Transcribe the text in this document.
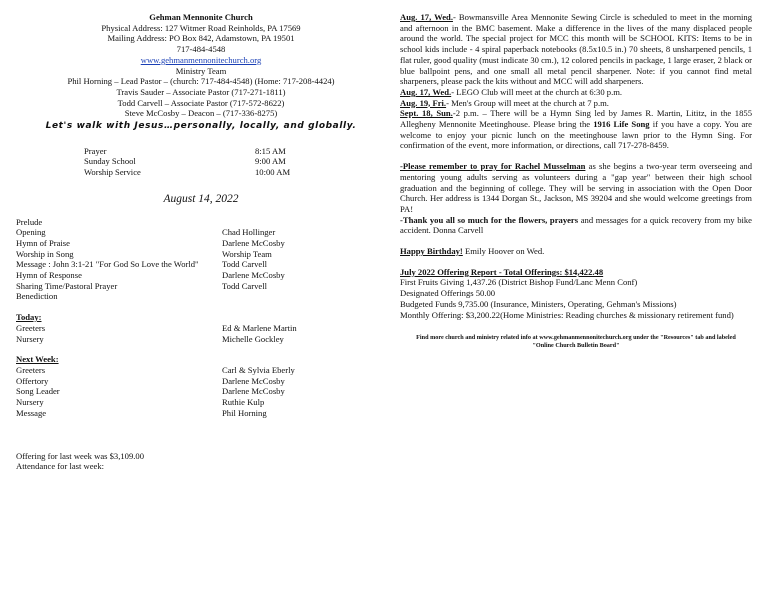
Gehman Mennonite Church
Physical Address: 127 Witmer Road Reinholds, PA 17569
Mailing Address: PO Box 842, Adamstown, PA 19501
717-484-4548
www.gehmanmennonitechurch.org
Ministry Team
Phil Horning – Lead Pastor – (church: 717-484-4548) (Home: 717-208-4424)
Travis Sauder – Associate Pastor (717-271-1811)
Todd Carvell – Associate Pastor (717-572-8622)
Steve McCosby – Deacon – (717-336-8275)
Let's walk with Jesus…personally, locally, and globally.
Prayer	8:15 AM
Sunday School	9:00 AM
Worship Service	10:00 AM
August 14, 2022
Prelude
Opening	Chad Hollinger
Hymn of Praise	Darlene McCosby
Worship in Song	Worship Team
Message : John 3:1-21 "For God So Love the World"	Todd Carvell
Hymn of Response	Darlene McCosby
Sharing Time/Pastoral Prayer	Todd Carvell
Benediction
Today:
Greeters	Ed & Marlene Martin
Nursery	Michelle Gockley
Next Week:
Greeters	Carl & Sylvia Eberly
Offertory	Darlene McCosby
Song Leader	Darlene McCosby
Nursery	Ruthie Kulp
Message	Phil Horning
Offering for last week was $3,109.00
Attendance for last week:
Aug. 17, Wed.- Bowmansville Area Mennonite Sewing Circle is scheduled to meet in the morning and afternoon in the BMC basement. Make a difference in the lives of the many displaced people around the world. The special project for MCC this month will be SCHOOL KITS: Items to be in school kids include - 4 spiral paperback notebooks (8.5x10.5 in.) 70 sheets, 8 unsharpened pencils, 1 flat ruler, good quality (must indicate 30 cm.), 12 colored pencils in package, 1 large eraser, 2 black or blue ballpoint pens, and one small all metal pencil sharpener. Note: if you cannot find metal sharpeners, please pack the kits without and MCC will add sharpeners.
Aug. 17, Wed.- LEGO Club will meet at the church at 6:30 p.m.
Aug. 19, Fri.- Men's Group will meet at the church at 7 p.m.
Sept. 18, Sun.-2 p.m. – There will be a Hymn Sing led by James R. Martin, Lititz, in the 1855 Allegheny Mennonite Meetinghouse. Please bring the 1916 Life Song if you have a copy. You are welcome to enjoy your picnic lunch on the meetinghouse lawn prior to the Hymn Sing. For confirmation of the event, more information, or directions, call 717-278-8459.
-Please remember to pray for Rachel Musselman as she begins a two-year term overseeing and mentoring young adults serving as volunteers during a "gap year" between their high school graduation and the beginning of college. They will be serving in association with the Open Door Church. Her address is 1344 Dorgan St., Jackson, MS 39204 and she would welcome greetings from PA!
-Thank you all so much for the flowers, prayers and messages for a quick recovery from my bike accident. Donna Carvell
Happy Birthday! Emily Hoover on Wed.
July 2022 Offering Report - Total Offerings: $14,422.48
First Fruits Giving 1,437.26 (District Bishop Fund/Lanc Menn Conf)
Designated Offerings 50.00
Budgeted Funds 9,735.00 (Insurance, Ministers, Operating, Gehman's Missions)
Monthly Offering: $3,200.22(Home Ministries: Reading churches & missionary retirement fund)
Find more church and ministry related info at www.gehmanmennonitechurch.org under the "Resources" tab and labeled "Online Church Bulletin Board"
